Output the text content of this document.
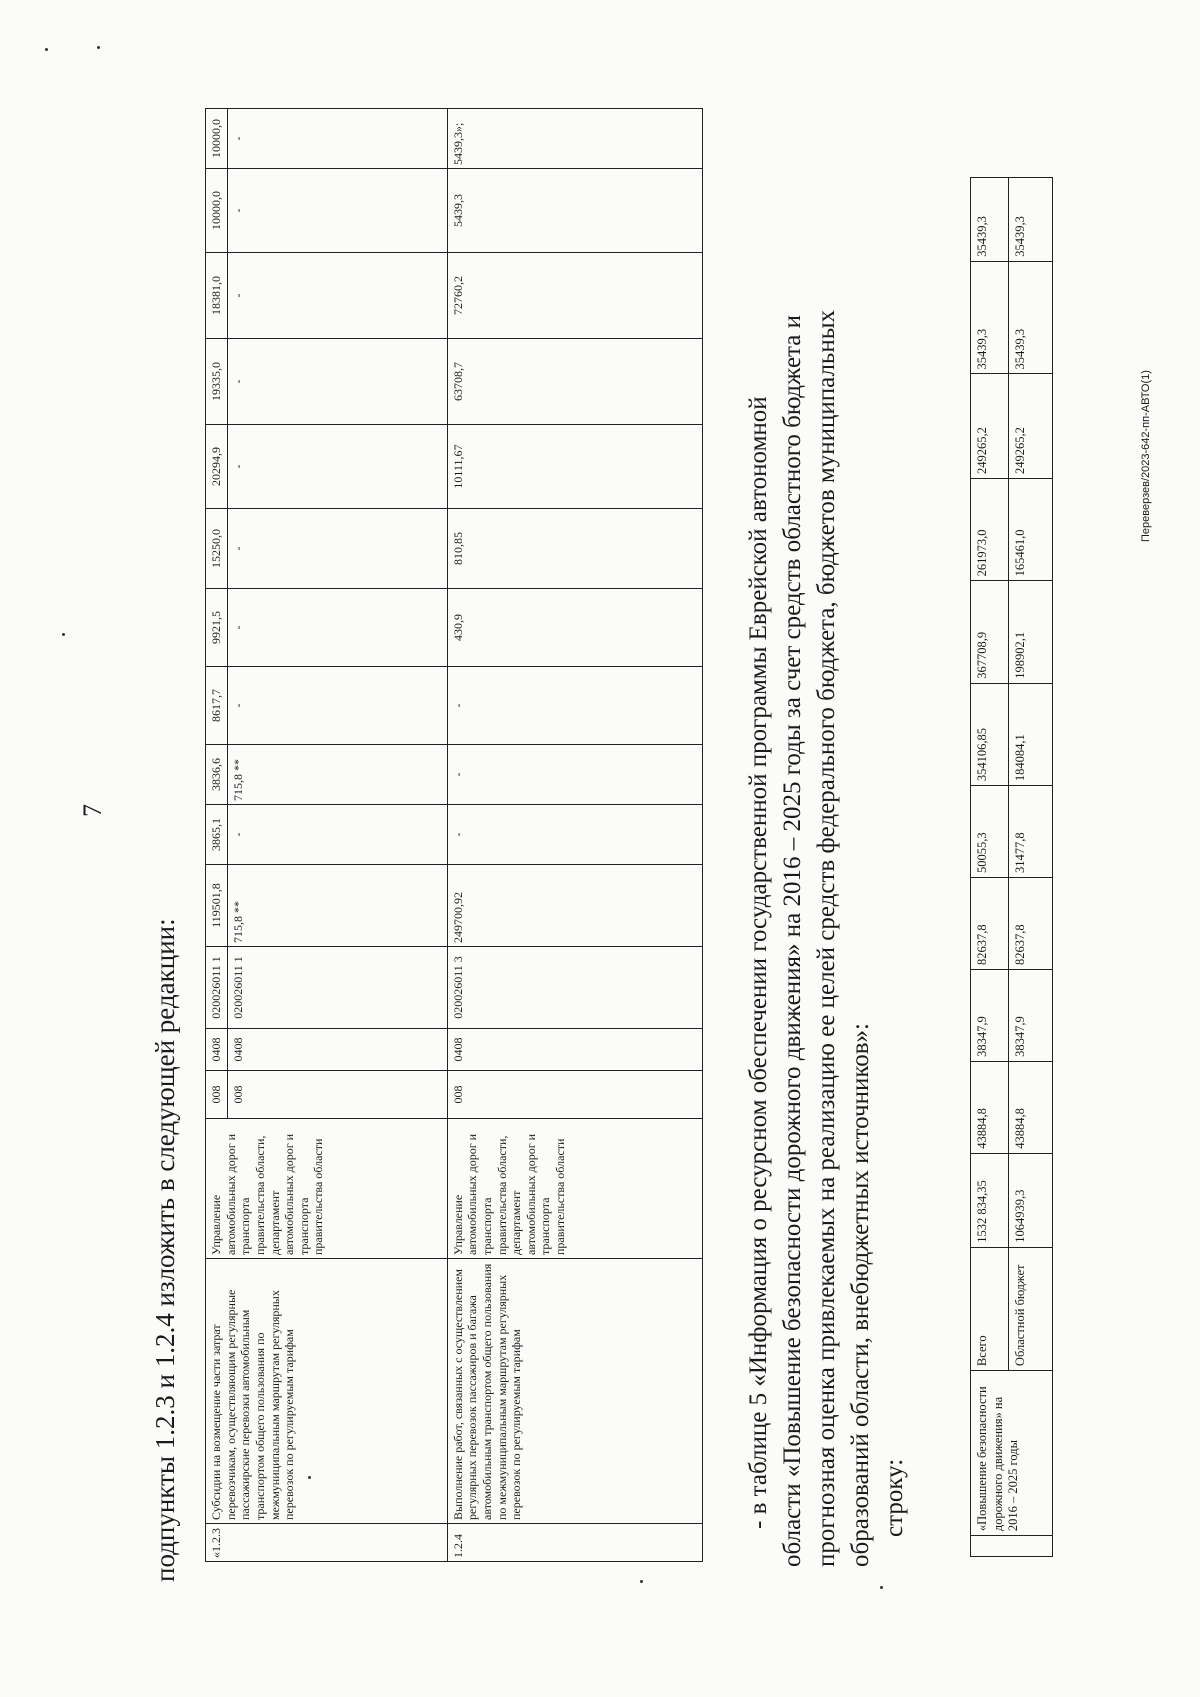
7
подпункты 1.2.3 и 1.2.4 изложить в следующей редакции: «1.2.3	Субсидии на возмещение части затрат перевозчикам, осуществляющим регулярные пассажирские перевозки автомобильным транспортом общего пользования по межмуниципальным маршрутам регулярных перевозок по регулируемым тарифам	Управление автомобильных дорог и транспорта правительства области, департамент автомобильных дорог и транспорта правительства области	008	0408	020026011 1	119501,8	3865,1	3836,6	8617,7	9921,5	15250,0	20294,9	19335,0	18381,0	10000,0	10000,0
			008	0408	020026011 1	715,8 **	-	715,8 **	-	-	-	-	-	-	-	-
1.2.4	Выполнение работ, связанных с осуществлением регулярных перевозок пассажиров и багажа автомобильным транспортом общего пользования по межмуниципальным маршрутам регулярных перевозок по регулируемым тарифам	Управление автомобильных дорог и транспорта правительства области, департамент автомобильных дорог и транспорта правительства области	008	0408	020026011 3	249700,92	-	-	-	430,9	810,85	10111,67	63708,7	72760,2	5439,3	5439,3»;

- в таблице 5 «Информация о ресурсном обеспечении государственной программы Еврейской автономной области «Повышение безопасности дорожного движения» на 2016 – 2025 годы за счет средств областного бюджета и прогнозная оценка привлекаемых на реализацию ее целей средств федерального бюджета, бюджетов муниципальных образований области, внебюджетных источников»: строку:

		«Повышение безопасности дорожного движения» на 2016 – 2025 годы	Всего	1532 834,35	43884,8	38347,9	82637,8	50055,3	354106,85	367708,9	261973,0	249265,2	35439,3	35439,3
		Областной бюджет	1064939,3	43884,8	38347,9	82637,8	31477,8	184084,1	198902,1	165461,0	249265,2	35439,3	35439,3
Переверзев/2023-642-пп-АВТО(1)
